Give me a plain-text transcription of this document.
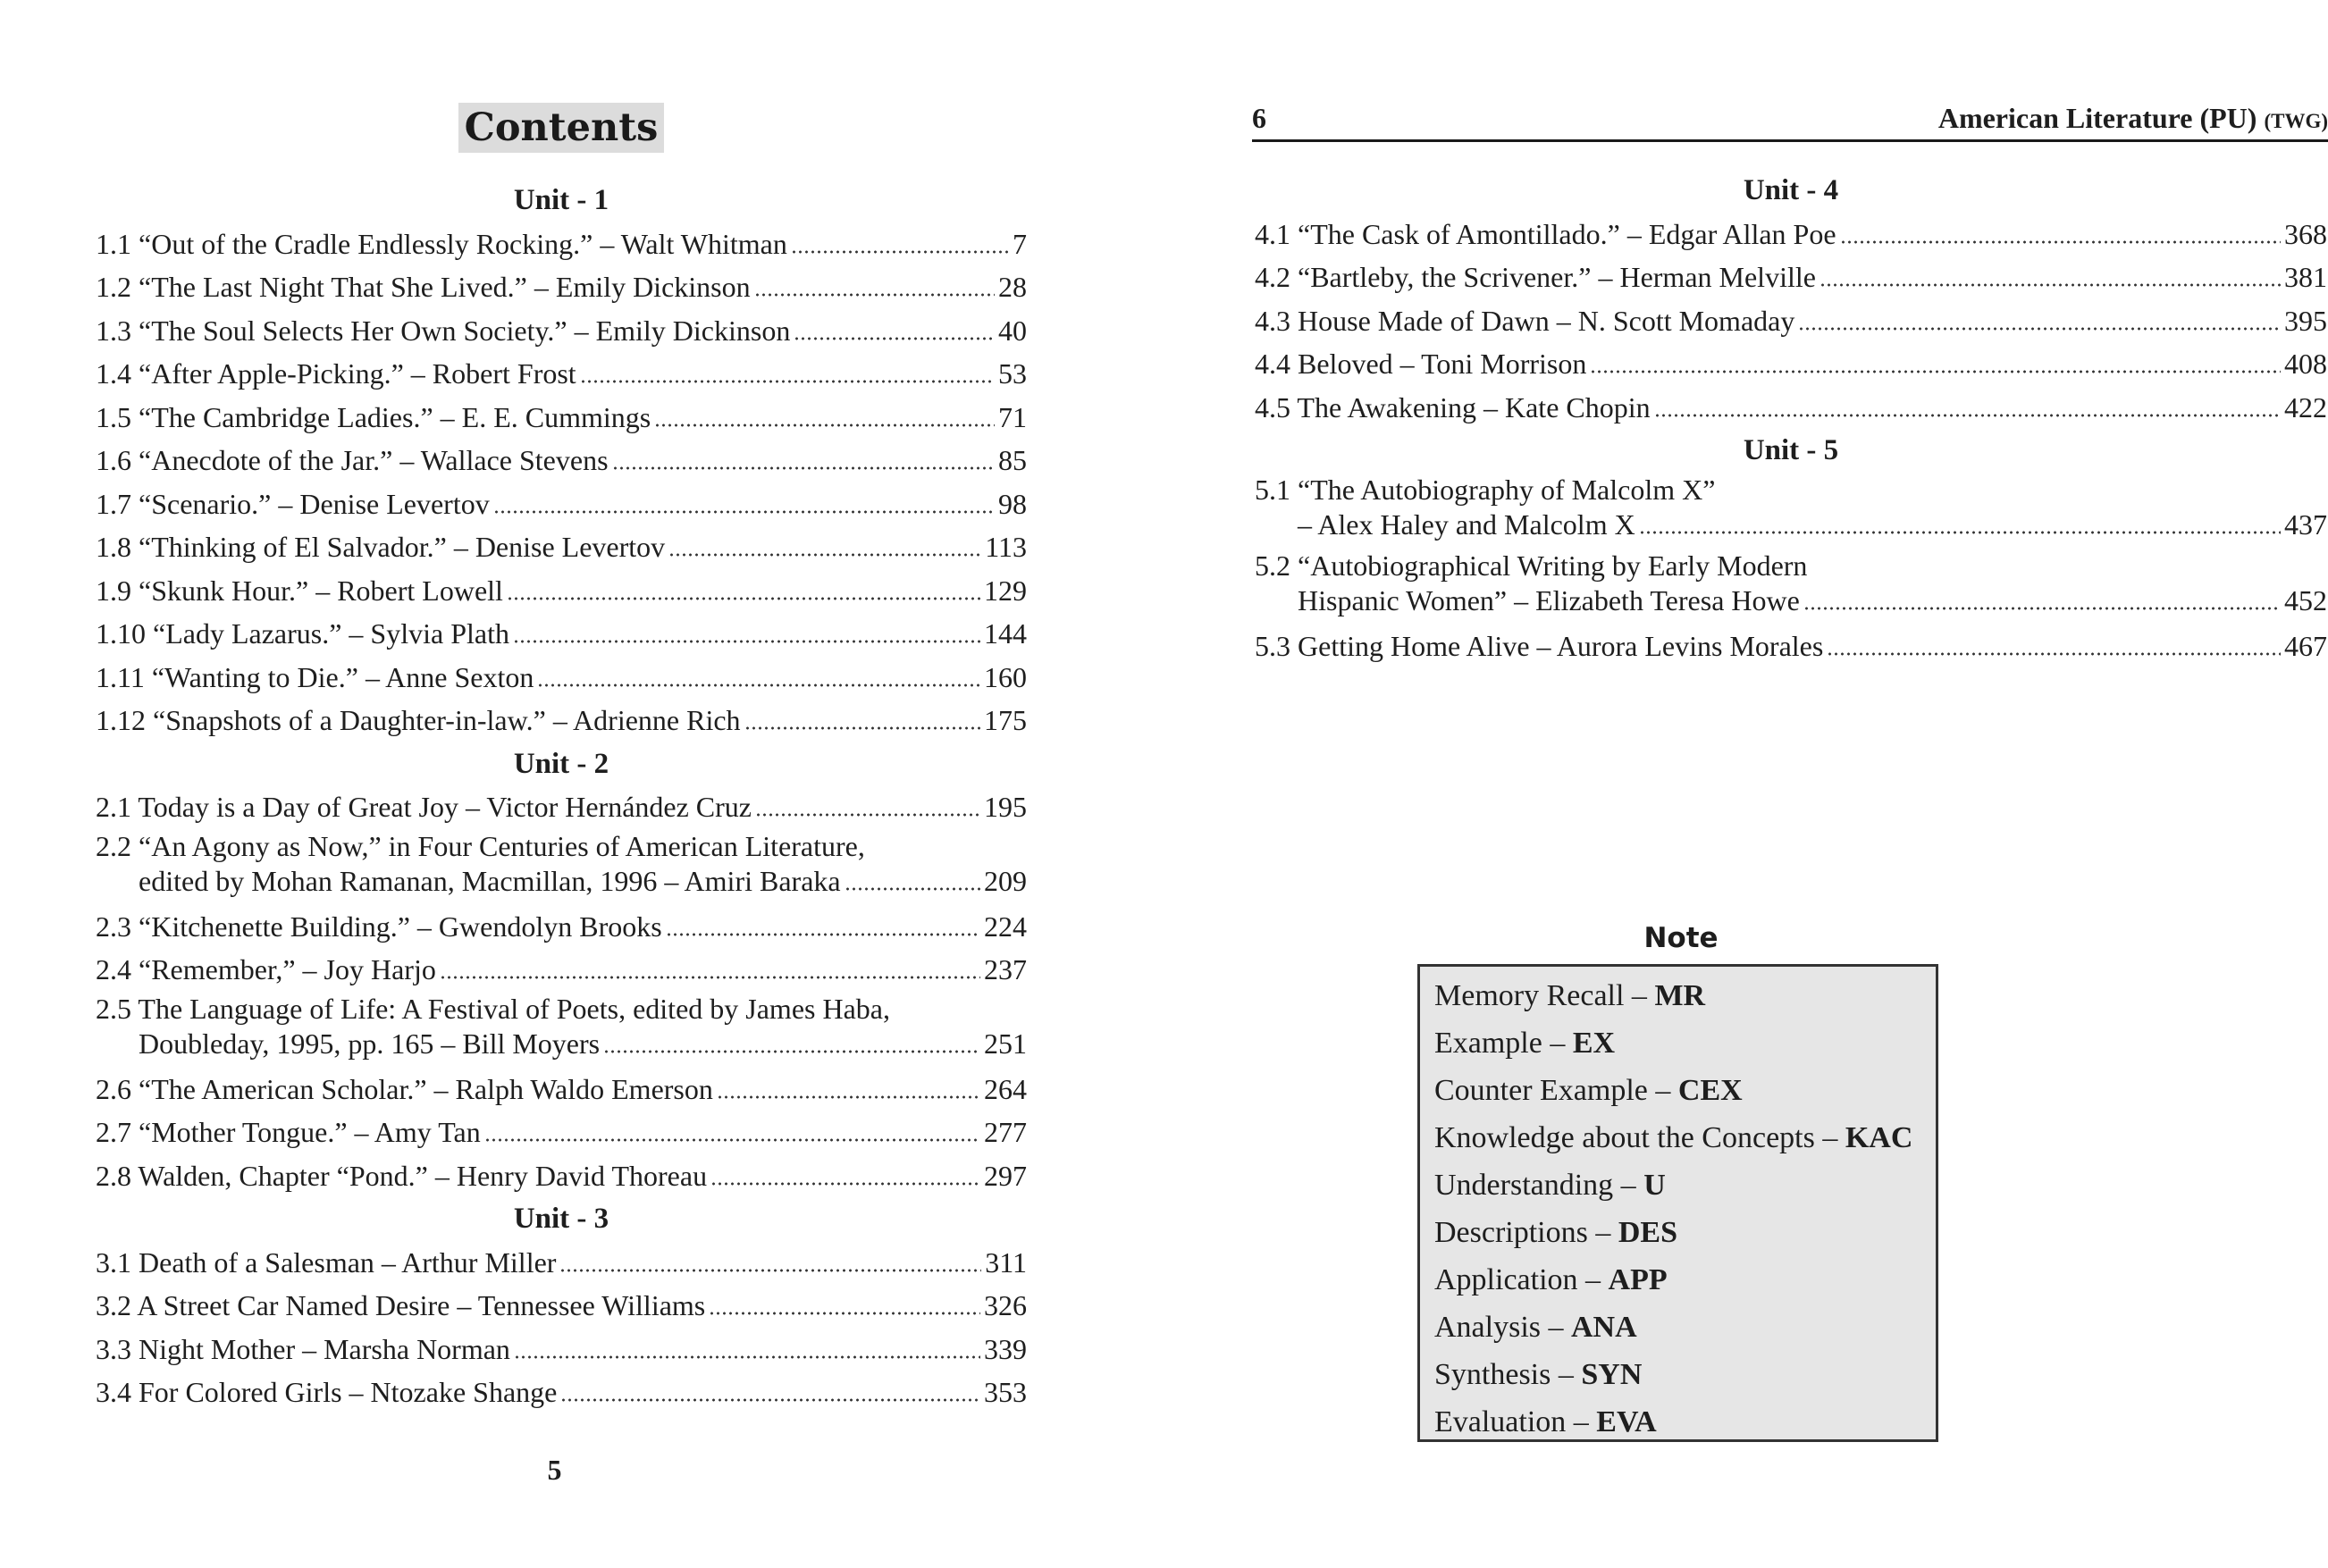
Contents
Unit - 1
1.1 “Out of the Cradle Endlessly Rocking.” – Walt Whitman	7
1.2 “The Last Night That She Lived.” – Emily Dickinson	28
1.3 “The Soul Selects Her Own Society.” – Emily Dickinson	40
1.4 “After Apple-Picking.” – Robert Frost	53
1.5 “The Cambridge Ladies.” – E. E. Cummings	71
1.6 “Anecdote of the Jar.” – Wallace Stevens	85
1.7 “Scenario.” – Denise Levertov	98
1.8 “Thinking of El Salvador.” – Denise Levertov	113
1.9 “Skunk Hour.” – Robert Lowell	129
1.10 “Lady Lazarus.” – Sylvia Plath	144
1.11 “Wanting to Die.” – Anne Sexton	160
1.12 “Snapshots of a Daughter-in-law.” – Adrienne Rich	175
Unit - 2
2.1 Today is a Day of Great Joy – Victor Hernández Cruz	195
2.2 “An Agony as Now,” in Four Centuries of American Literature,
edited by Mohan Ramanan, Macmillan, 1996 – Amiri Baraka	209
2.3 “Kitchenette Building.” – Gwendolyn Brooks	224
2.4 “Remember,” – Joy Harjo	237
2.5 The Language of Life: A Festival of Poets, edited by James Haba,
Doubleday, 1995, pp. 165 – Bill Moyers	251
2.6 “The American Scholar.” – Ralph Waldo Emerson	264
2.7 “Mother Tongue.” – Amy Tan	277
2.8 Walden, Chapter “Pond.” – Henry David Thoreau	297
Unit - 3
3.1 Death of a Salesman – Arthur Miller	311
3.2 A Street Car Named Desire – Tennessee Williams	326
3.3 Night Mother – Marsha Norman	339
3.4 For Colored Girls – Ntozake Shange	353
5
6	American Literature (PU) (TWG)
Unit - 4
4.1 “The Cask of Amontillado.” – Edgar Allan Poe	368
4.2 “Bartleby, the Scrivener.” – Herman Melville	381
4.3 House Made of Dawn – N. Scott Momaday	395
4.4 Beloved – Toni Morrison	408
4.5 The Awakening – Kate Chopin	422
Unit - 5
5.1 “The Autobiography of Malcolm X”
– Alex Haley and Malcolm X	437
5.2 “Autobiographical Writing by Early Modern
Hispanic Women” – Elizabeth Teresa Howe	452
5.3 Getting Home Alive – Aurora Levins Morales	467
Note
Memory Recall – MR
Example – EX
Counter Example – CEX
Knowledge about the Concepts – KAC
Understanding – U
Descriptions – DES
Application – APP
Analysis – ANA
Synthesis – SYN
Evaluation – EVA
